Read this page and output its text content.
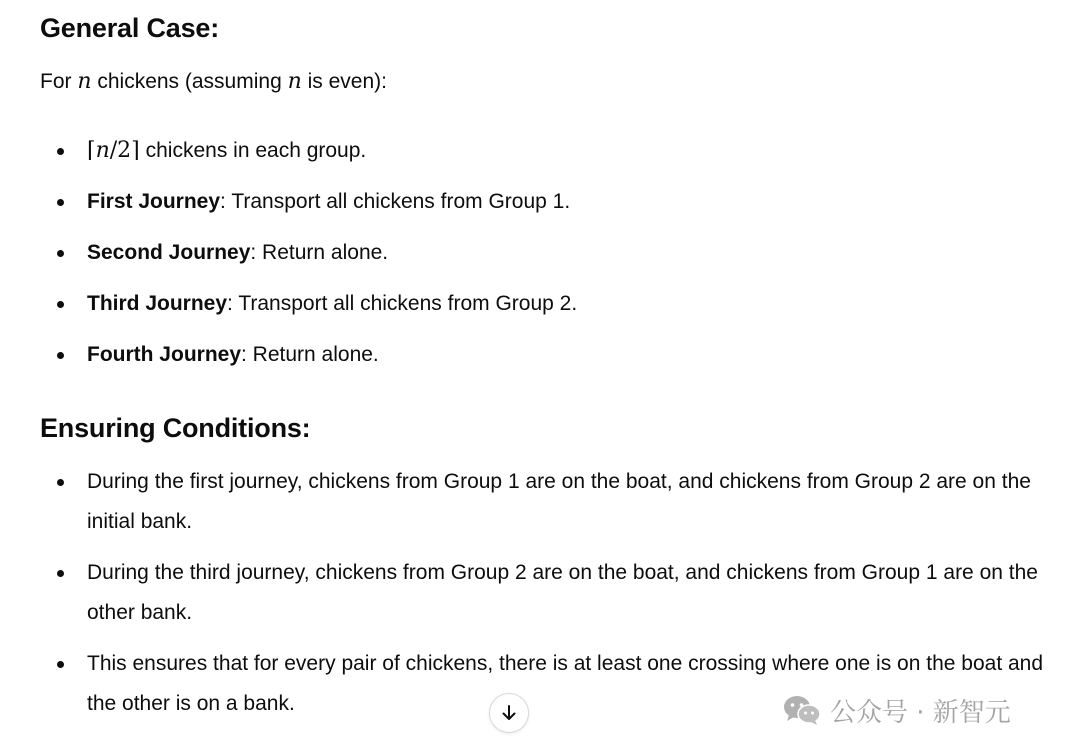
General Case:

For n chickens (assuming n is even):

⌈n/2⌉ chickens in each group.
First Journey: Transport all chickens from Group 1.
Second Journey: Return alone.
Third Journey: Transport all chickens from Group 2.
Fourth Journey: Return alone.
Ensuring Conditions:
During the first journey, chickens from Group 1 are on the boat, and chickens from Group 2 are on the initial bank.
During the third journey, chickens from Group 2 are on the boat, and chickens from Group 1 are on the other bank.
This ensures that for every pair of chickens, there is at least one crossing where one is on the boat and the other is on a bank.	公众号 · 新智元
